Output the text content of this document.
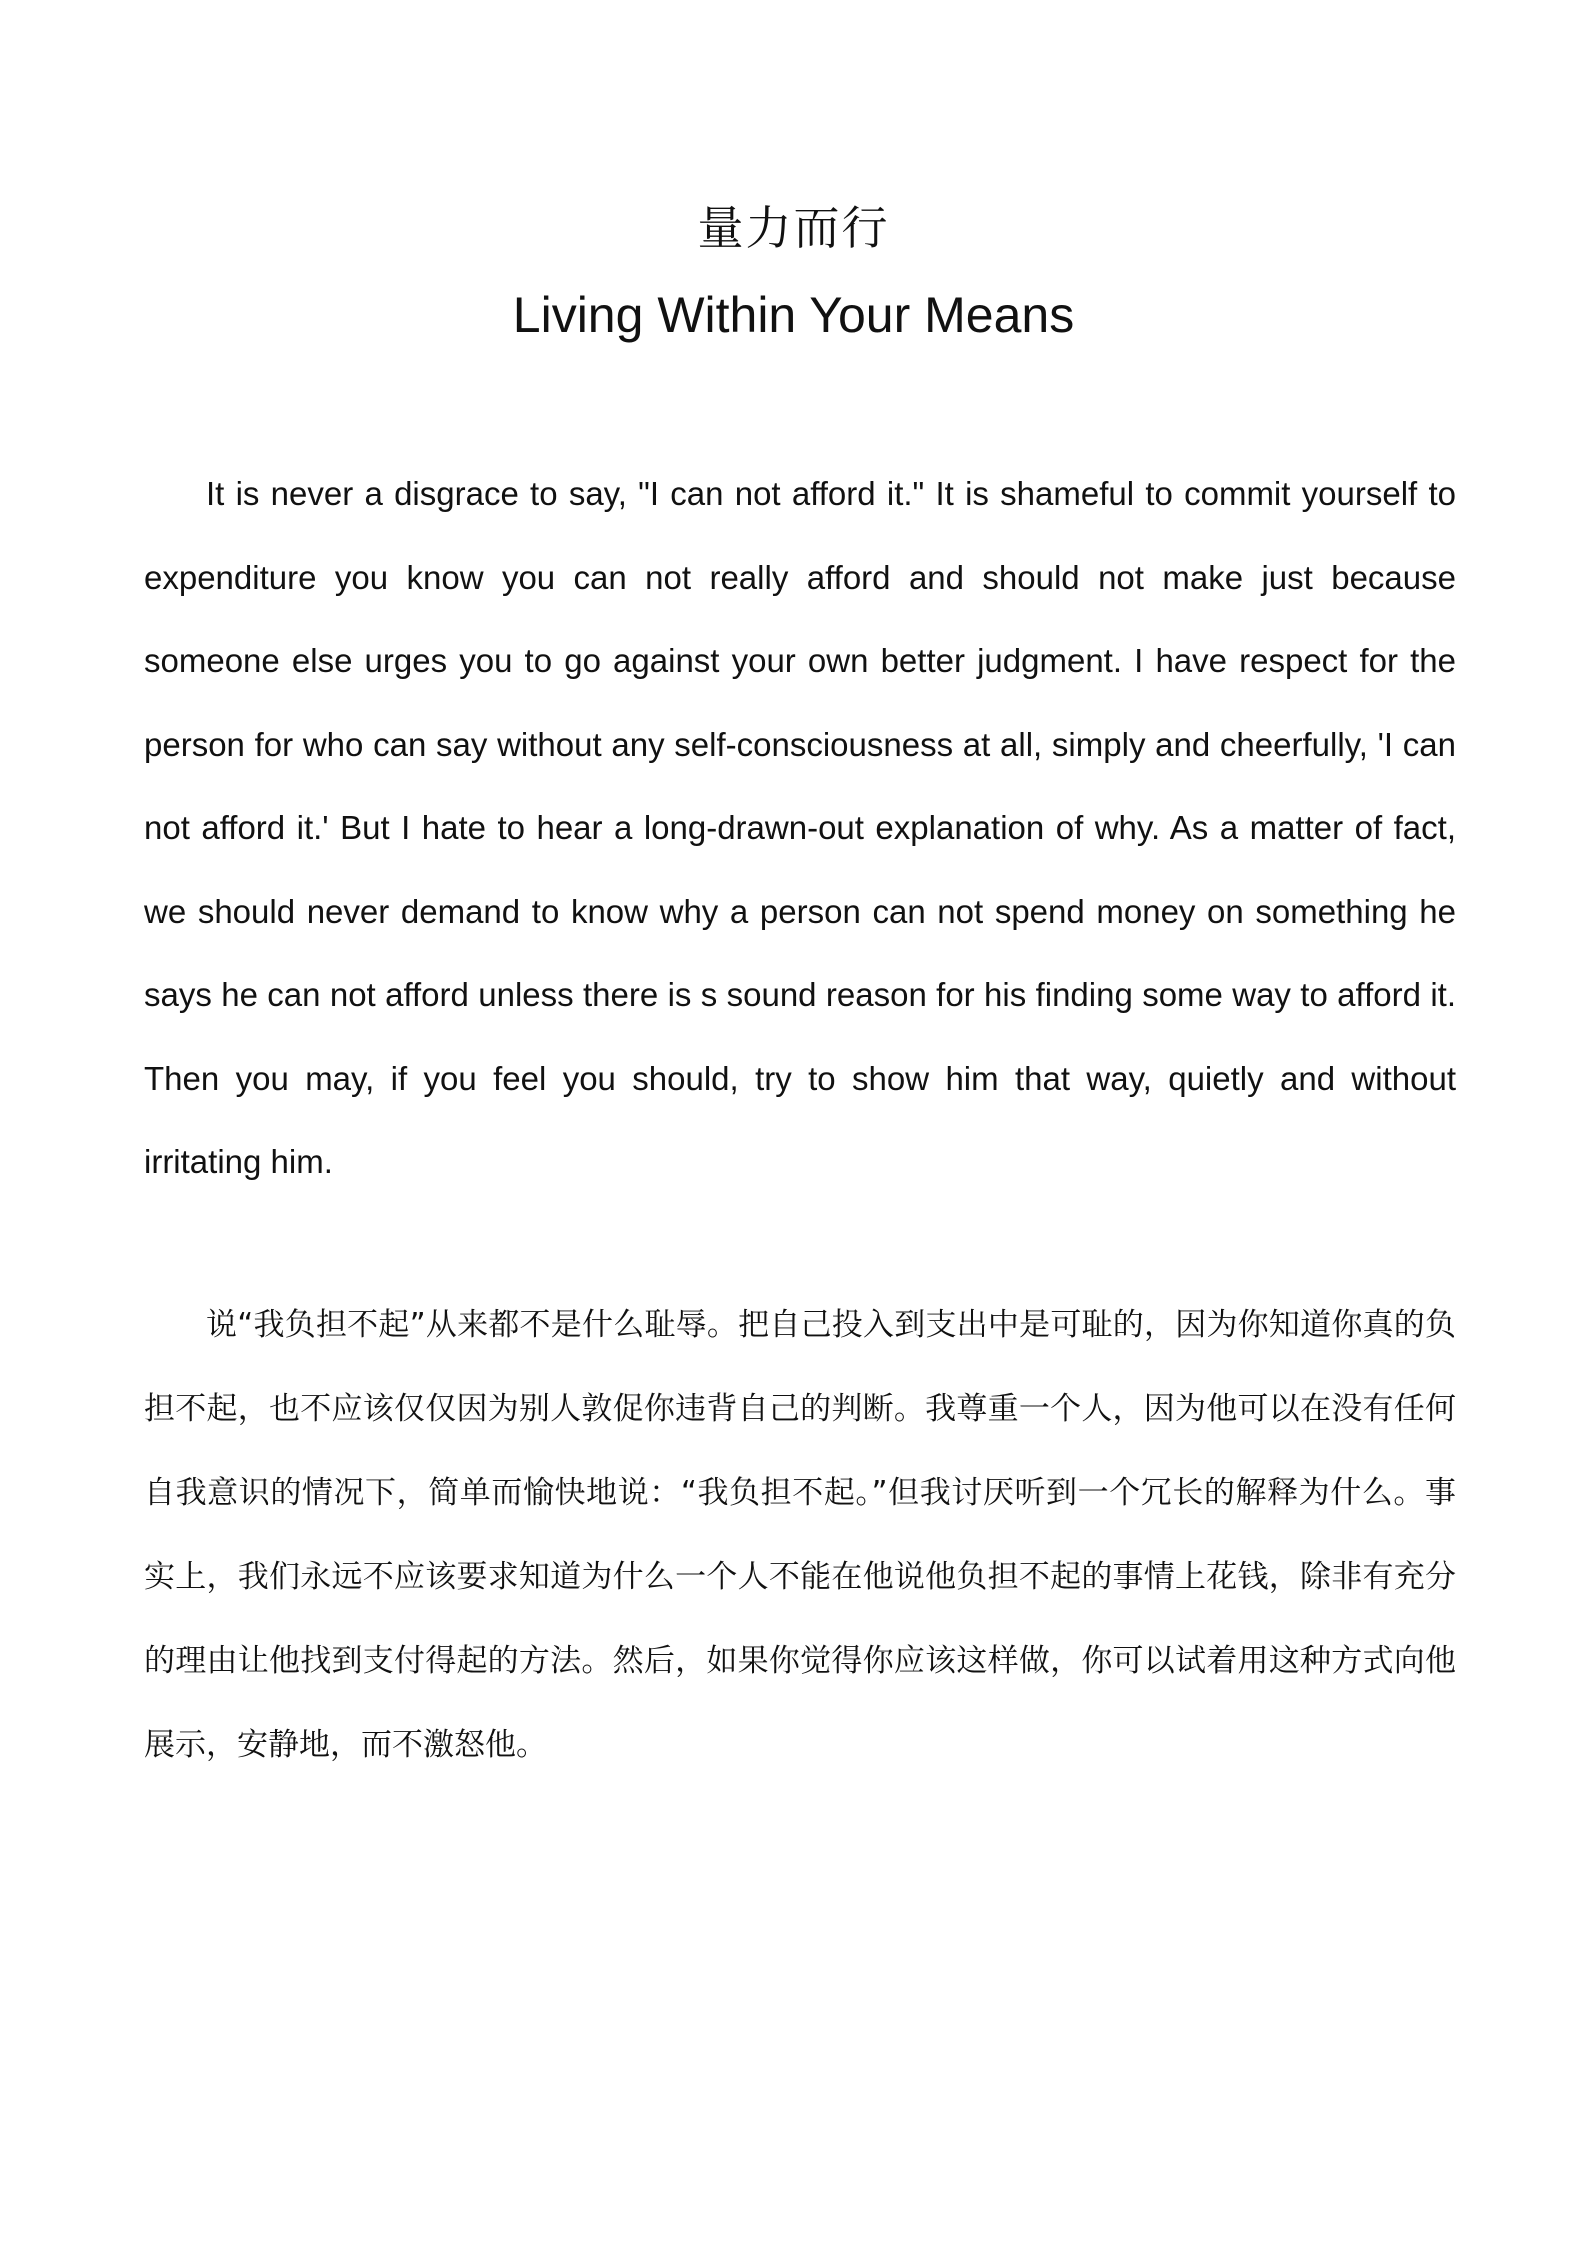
量力而行
Living Within Your Means

It is never a disgrace to say, "I can not afford it." It is shameful to commit yourself to expenditure you know you can not really afford and should not make just because someone else urges you to go against your own better judgment. I have respect for the person for who can say without any self-consciousness at all, simply and cheerfully, 'I can not afford it.' But I hate to hear a long-drawn-out explanation of why. As a matter of fact, we should never demand to know why a person can not spend money on something he says he can not afford unless there is s sound reason for his finding some way to afford it. Then you may, if you feel you should, try to show him that way, quietly and without irritating him.

说“我负担不起”从来都不是什么耻辱。把自己投入到支出中是可耻的，因为你知道你真的负担不起，也不应该仅仅因为别人敦促你违背自己的判断。我尊重一个人，因为他可以在没有任何自我意识的情况下，简单而愉快地说：“我负担不起。”但我讨厌听到一个冗长的解释为什么。事实上，我们永远不应该要求知道为什么一个人不能在他说他负担不起的事情上花钱，除非有充分的理由让他找到支付得起的方法。然后，如果你觉得你应该这样做，你可以试着用这种方式向他展示，安静地，而不激怒他。
